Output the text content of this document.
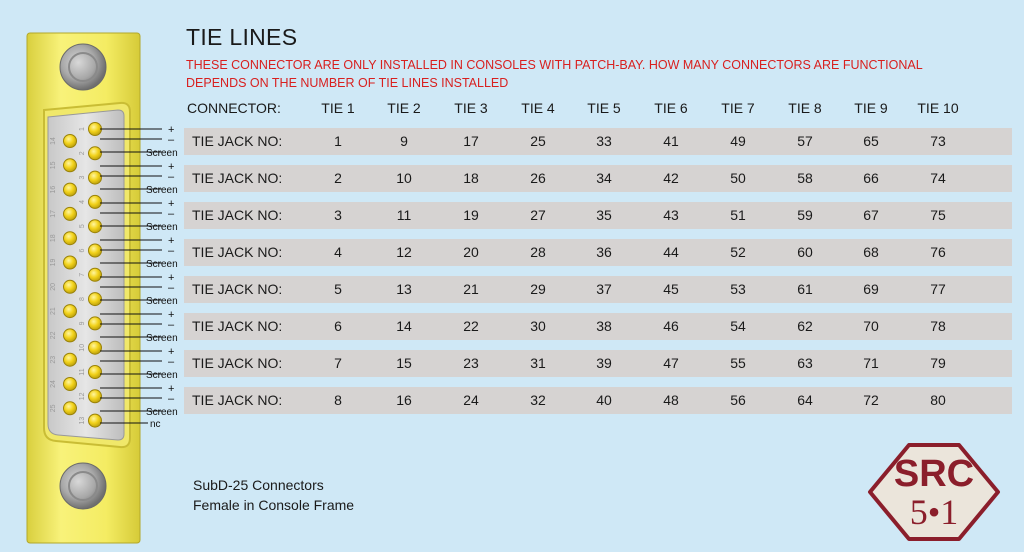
1
2
3
4
5
6
7
8
9
10
11
12
13
14
15
16
17
18
19
20
21
22
23
24
25
+
–
Screen
+
–
Screen
+
–
Screen
+
–
Screen
+
–
Screen
+
–
Screen
+
–
Screen
+
–
Screen
nc
TIE LINES
THESE CONNECTOR ARE ONLY INSTALLED IN CONSOLES WITH PATCH-BAY. HOW MANY CONNECTORS ARE FUNCTIONAL
DEPENDS ON THE NUMBER OF TIE LINES INSTALLED
CONNECTOR:	TIE 1	TIE 2	TIE 3	TIE 4	TIE 5	TIE 6	TIE 7	TIE 8	TIE 9	TIE 10
TIE JACK NO:	1	9	17	25	33	41	49	57	65	73
TIE JACK NO:	2	10	18	26	34	42	50	58	66	74
TIE JACK NO:	3	11	19	27	35	43	51	59	67	75
TIE JACK NO:	4	12	20	28	36	44	52	60	68	76
TIE JACK NO:	5	13	21	29	37	45	53	61	69	77
TIE JACK NO:	6	14	22	30	38	46	54	62	70	78
TIE JACK NO:	7	15	23	31	39	47	55	63	71	79
TIE JACK NO:	8	16	24	32	40	48	56	64	72	80
SubD-25 Connectors
Female in Console Frame
SRC
5•1
